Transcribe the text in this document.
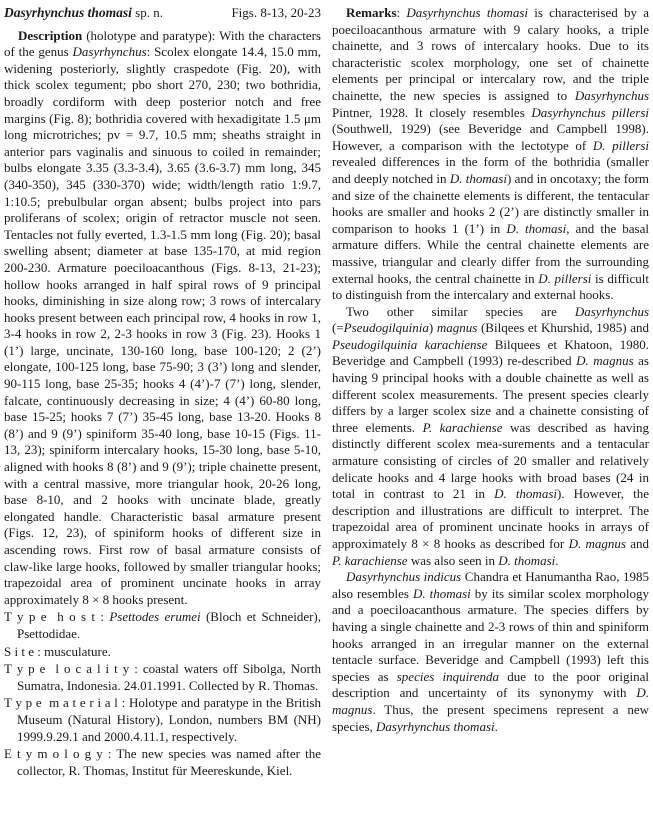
Dasyrhynchus thomasi sp. n.	Figs. 8-13, 20-23

Description (holotype and paratype): With the characters of the genus Dasyrhynchus: Scolex elongate 14.4, 15.0 mm, widening posteriorly, slightly craspedote (Fig. 20), with thick scolex tegument; pbo short 270, 230; two bothridia, broadly cordiform with deep posterior notch and free margins (Fig. 8); bothridia covered with hexadigitate 1.5 μm long microtriches; pv = 9.7, 10.5 mm; sheaths straight in anterior pars vaginalis and sinuous to coiled in remainder; bulbs elongate 3.35 (3.3-3.4), 3.65 (3.6-3.7) mm long, 345 (340-350), 345 (330-370) wide; width/length ratio 1:9.7, 1:10.5; prebulbular organ absent; bulbs project into pars proliferans of scolex; origin of retractor muscle not seen. Tentacles not fully everted, 1.3-1.5 mm long (Fig. 20); basal swelling absent; diameter at base 135-170, at mid region 200-230. Armature poeciloacanthous (Figs. 8-13, 21-23); hollow hooks arranged in half spiral rows of 9 principal hooks, diminishing in size along row; 3 rows of intercalary hooks present between each principal row, 4 hooks in row 1, 3-4 hooks in row 2, 2-3 hooks in row 3 (Fig. 23). Hooks 1 (1’) large, uncinate, 130-160 long, base 100-120; 2 (2’) elongate, 100-125 long, base 75-90; 3 (3’) long and slender, 90-115 long, base 25-35; hooks 4 (4’)-7 (7’) long, slender, falcate, continuously decreasing in size; 4 (4’) 60-80 long, base 15-25; hooks 7 (7’) 35-45 long, base 13-20. Hooks 8 (8’) and 9 (9’) spiniform 35-40 long, base 10-15 (Figs. 11-13, 23); spiniform intercalary hooks, 15-30 long, base 5-10, aligned with hooks 8 (8’) and 9 (9’); triple chainette present, with a central massive, more triangular hook, 20-26 long, base 8-10, and 2 hooks with uncinate blade, greatly elongated handle. Characteristic basal armature present (Figs. 12, 23), of spiniform hooks of different size in ascending rows. First row of basal armature consists of claw-like large hooks, followed by smaller triangular hooks; trapezoidal area of prominent uncinate hooks in array approximately 8 × 8 hooks present.

T y p e  h o s t : Psettodes erumei (Bloch et Schneider), Psettodidae.

S i t e : musculature.

T y p e  l o c a l i t y : coastal waters off Sibolga, North Sumatra, Indonesia. 24.01.1991. Collected by R. Thomas.

T y p e  m a t e r i a l : Holotype and paratype in the British Museum (Natural History), London, numbers BM (NH) 1999.9.29.1 and 2000.4.11.1, respectively.

E t y m o l o g y : The new species was named after the collector, R. Thomas, Institut für Meereskunde, Kiel.

Remarks: Dasyrhynchus thomasi is characterised by a poeciloacanthous armature with 9 calary hooks, a triple chainette, and 3 rows of intercalary hooks. Due to its characteristic scolex morphology, one set of chainette elements per principal or intercalary row, and the triple chainette, the new species is assigned to Dasyrhynchus Pintner, 1928. It closely resembles Dasyrhynchus pillersi (Southwell, 1929) (see Beveridge and Campbell 1998). However, a comparison with the lectotype of D. pillersi revealed differences in the form of the bothridia (smaller and deeply notched in D. thomasi) and in oncotaxy; the form and size of the chainette elements is different, the tentacular hooks are smaller and hooks 2 (2’) are distinctly smaller in comparison to hooks 1 (1’) in D. thomasi, and the basal armature differs. While the central chainette elements are massive, triangular and clearly differ from the surrounding external hooks, the central chainette in D. pillersi is difficult to distinguish from the intercalary and external hooks.

Two other similar species are Dasyrhynchus (=Pseudogilquinia) magnus (Bilqees et Khurshid, 1985) and Pseudogilquinia karachiense Bilquees et Khatoon, 1980. Beveridge and Campbell (1993) re-described D. magnus as having 9 principal hooks with a double chainette as well as different scolex measurements. The present species clearly differs by a larger scolex size and a chainette consisting of three elements. P. karachiense was described as having distinctly different scolex mea-surements and a tentacular armature consisting of circles of 20 smaller and relatively delicate hooks and 4 large hooks with broad bases (24 in total in contrast to 21 in D. thomasi). However, the description and illustrations are difficult to interpret. The trapezoidal area of prominent uncinate hooks in arrays of approximately 8 × 8 hooks as described for D. magnus and P. karachiense was also seen in D. thomasi.

Dasyrhynchus indicus Chandra et Hanumantha Rao, 1985 also resembles D. thomasi by its similar scolex morphology and a poeciloacanthous armature. The species differs by having a single chainette and 2-3 rows of thin and spiniform hooks arranged in an irregular manner on the external tentacle surface. Beveridge and Campbell (1993) left this species as species inquirenda due to the poor original description and uncertainty of its synonymy with D. magnus. Thus, the present specimens represent a new species, Dasyrhynchus thomasi.
